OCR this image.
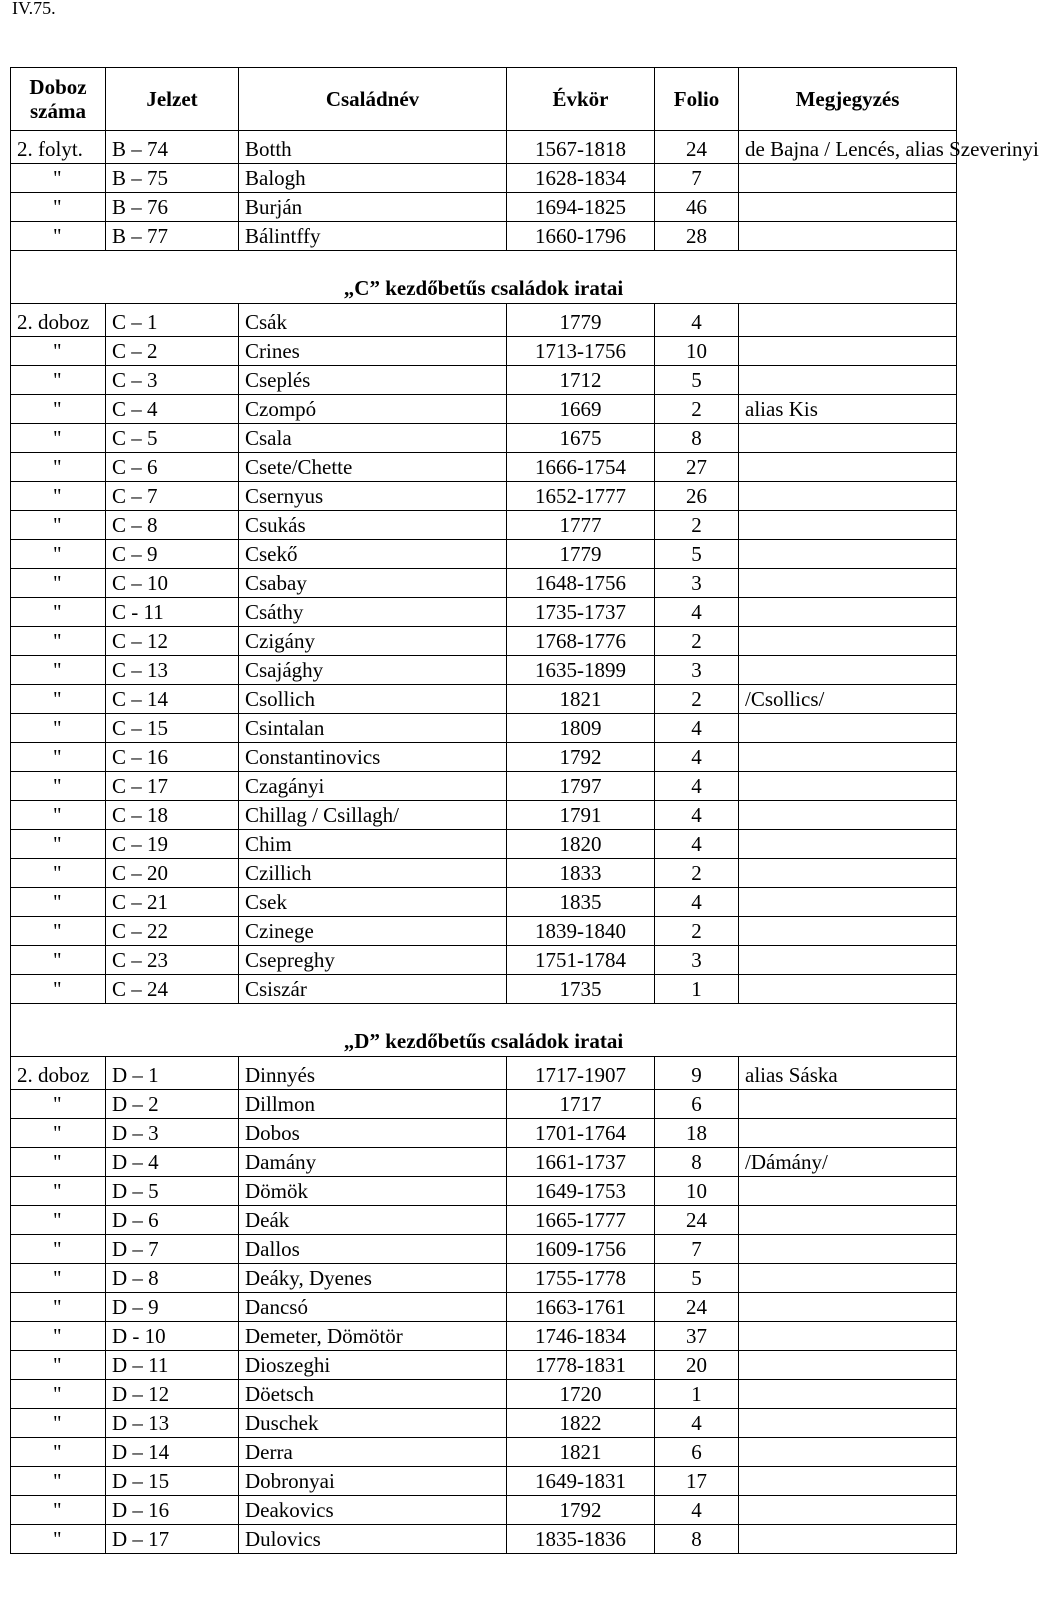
IV.75.
Doboz száma	Jelzet	Családnév	Évkör	Folio	Megjegyzés
2. folyt.	B – 74	Botth	1567-1818	24	de Bajna / Lencés, alias Szeverinyi
"	B – 75	Balogh	1628-1834	7	
"	B – 76	Burján	1694-1825	46	
"	B – 77	Bálintffy	1660-1796	28	
„C” kezdőbetűs családok iratai					
2. doboz	C – 1	Csák	1779	4	
"	C – 2	Crines	1713-1756	10	
"	C – 3	Cseplés	1712	5	
"	C – 4	Czompó	1669	2	alias Kis
"	C – 5	Csala	1675	8	
"	C – 6	Csete/Chette	1666-1754	27	
"	C – 7	Csernyus	1652-1777	26	
"	C – 8	Csukás	1777	2	
"	C – 9	Csekő	1779	5	
"	C – 10	Csabay	1648-1756	3	
"	C - 11	Csáthy	1735-1737	4	
"	C – 12	Czigány	1768-1776	2	
"	C – 13	Csajághy	1635-1899	3	
"	C – 14	Csollich	1821	2	/Csollics/
"	C – 15	Csintalan	1809	4	
"	C – 16	Constantinovics	1792	4	
"	C – 17	Czagányi	1797	4	
"	C – 18	Chillag / Csillagh/	1791	4	
"	C – 19	Chim	1820	4	
"	C – 20	Czillich	1833	2	
"	C – 21	Csek	1835	4	
"	C – 22	Czinege	1839-1840	2	
"	C – 23	Csepreghy	1751-1784	3	
"	C – 24	Csiszár	1735	1	
„D” kezdőbetűs családok iratai					
2. doboz	D – 1	Dinnyés	1717-1907	9	alias Sáska
"	D – 2	Dillmon	1717	6	
"	D – 3	Dobos	1701-1764	18	
"	D – 4	Damány	1661-1737	8	/Dámány/
"	D – 5	Dömök	1649-1753	10	
"	D – 6	Deák	1665-1777	24	
"	D – 7	Dallos	1609-1756	7	
"	D – 8	Deáky, Dyenes	1755-1778	5	
"	D – 9	Dancsó	1663-1761	24	
"	D - 10	Demeter, Dömötör	1746-1834	37	
"	D – 11	Dioszeghi	1778-1831	20	
"	D – 12	Döetsch	1720	1	
"	D – 13	Duschek	1822	4	
"	D – 14	Derra	1821	6	
"	D – 15	Dobronyai	1649-1831	17	
"	D – 16	Deakovics	1792	4	
"	D – 17	Dulovics	1835-1836	8	
